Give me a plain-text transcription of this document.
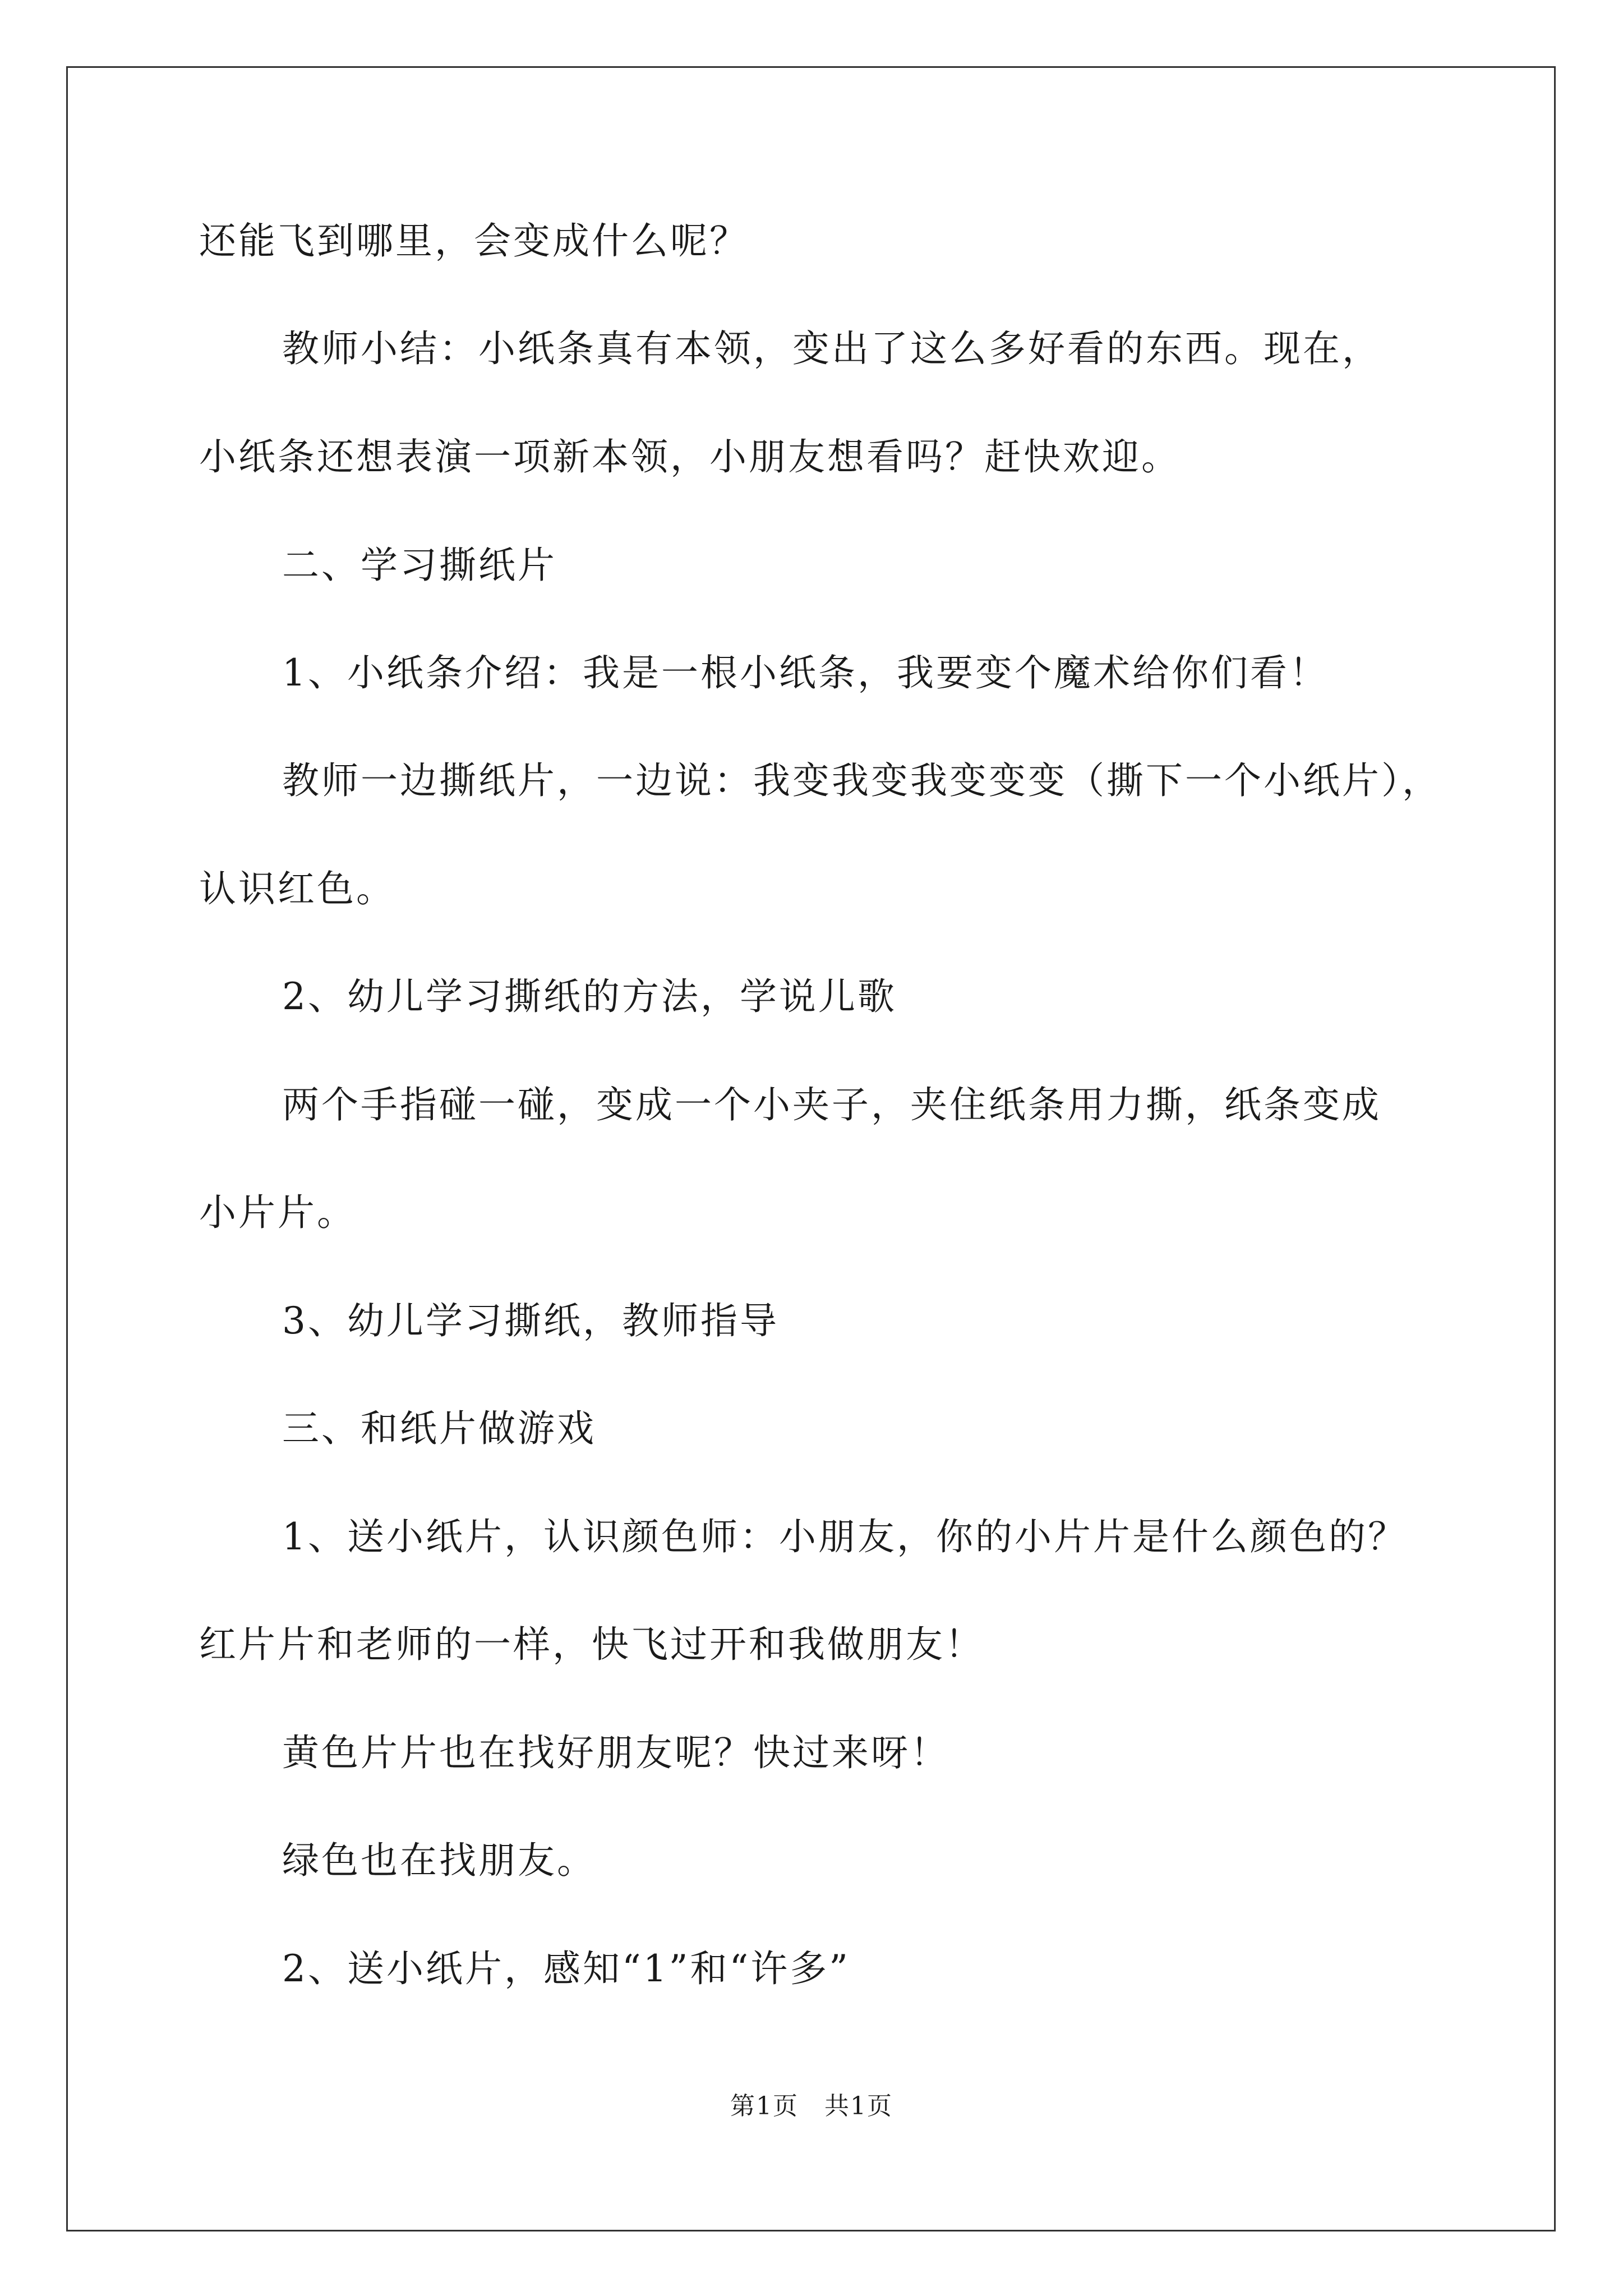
还能飞到哪里，会变成什么呢？
教师小结：小纸条真有本领，变出了这么多好看的东西。现在，
小纸条还想表演一项新本领，小朋友想看吗？赶快欢迎。
二、学习撕纸片
1、小纸条介绍：我是一根小纸条，我要变个魔术给你们看！
教师一边撕纸片，一边说：我变我变我变变变（撕下一个小纸片），
认识红色。
2、幼儿学习撕纸的方法，学说儿歌
两个手指碰一碰，变成一个小夹子，夹住纸条用力撕，纸条变成
小片片。
3、幼儿学习撕纸，教师指导
三、和纸片做游戏
1、送小纸片，认识颜色师：小朋友，你的小片片是什么颜色的？
红片片和老师的一样，快飞过开和我做朋友！
黄色片片也在找好朋友呢？快过来呀！
绿色也在找朋友。
2、送小纸片，感知“1”和“许多”
第1页　共1页
